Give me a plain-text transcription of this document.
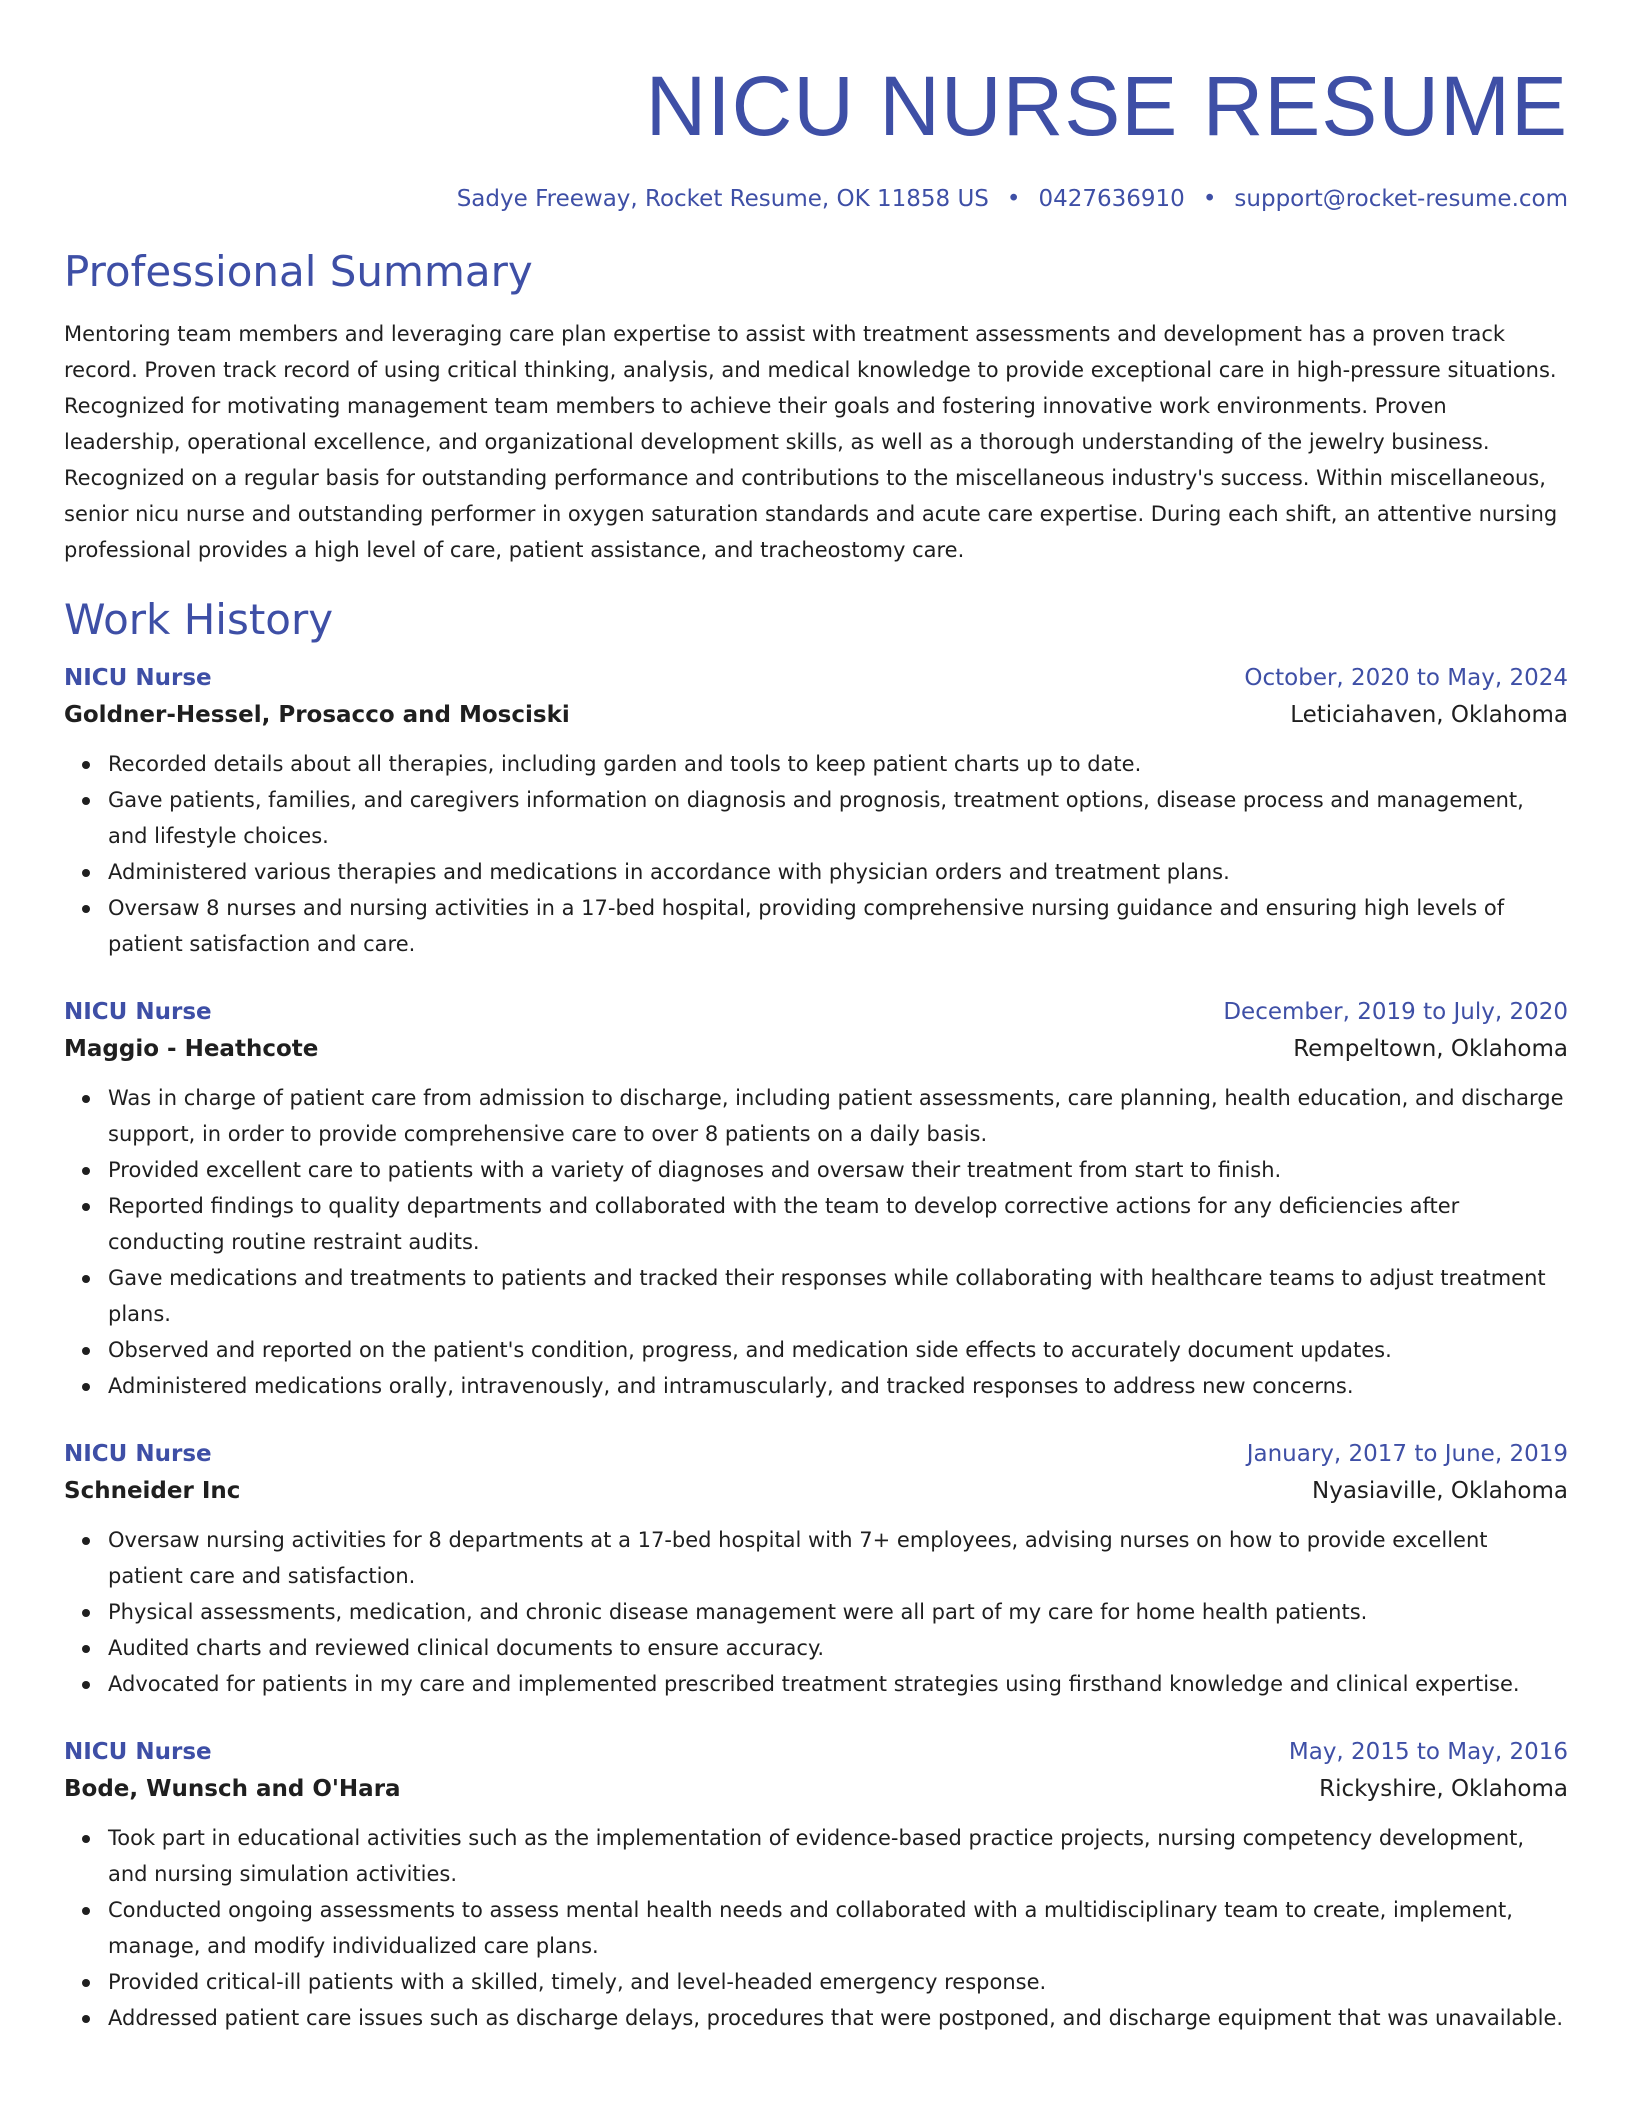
NICU NURSE RESUME
Sadye Freeway, Rocket Resume, OK 11858 US • 0427636910 • support@rocket-resume.com
Professional Summary

Mentoring team members and leveraging care plan expertise to assist with treatment assessments and development has a proven track record. Proven track record of using critical thinking, analysis, and medical knowledge to provide exceptional care in high-pressure situations. Recognized for motivating management team members to achieve their goals and fostering innovative work environments. Proven leadership, operational excellence, and organizational development skills, as well as a thorough understanding of the jewelry business. Recognized on a regular basis for outstanding performance and contributions to the miscellaneous industry's success. Within miscellaneous, senior nicu nurse and outstanding performer in oxygen saturation standards and acute care expertise. During each shift, an attentive nursing professional provides a high level of care, patient assistance, and tracheostomy care.

Work History
NICU Nurse	October, 2020 to May, 2024
Goldner-Hessel, Prosacco and Mosciski	Leticiahaven, Oklahoma
Recorded details about all therapies, including garden and tools to keep patient charts up to date.
Gave patients, families, and caregivers information on diagnosis and prognosis, treatment options, disease process and management, and lifestyle choices.
Administered various therapies and medications in accordance with physician orders and treatment plans.
Oversaw 8 nurses and nursing activities in a 17-bed hospital, providing comprehensive nursing guidance and ensuring high levels of patient satisfaction and care.
NICU Nurse	December, 2019 to July, 2020
Maggio - Heathcote	Rempeltown, Oklahoma
Was in charge of patient care from admission to discharge, including patient assessments, care planning, health education, and discharge support, in order to provide comprehensive care to over 8 patients on a daily basis.
Provided excellent care to patients with a variety of diagnoses and oversaw their treatment from start to finish.
Reported findings to quality departments and collaborated with the team to develop corrective actions for any deficiencies after conducting routine restraint audits.
Gave medications and treatments to patients and tracked their responses while collaborating with healthcare teams to adjust treatment plans.
Observed and reported on the patient's condition, progress, and medication side effects to accurately document updates.
Administered medications orally, intravenously, and intramuscularly, and tracked responses to address new concerns.
NICU Nurse	January, 2017 to June, 2019
Schneider Inc	Nyasiaville, Oklahoma
Oversaw nursing activities for 8 departments at a 17-bed hospital with 7+ employees, advising nurses on how to provide excellent patient care and satisfaction.
Physical assessments, medication, and chronic disease management were all part of my care for home health patients.
Audited charts and reviewed clinical documents to ensure accuracy.
Advocated for patients in my care and implemented prescribed treatment strategies using firsthand knowledge and clinical expertise.
NICU Nurse	May, 2015 to May, 2016
Bode, Wunsch and O'Hara	Rickyshire, Oklahoma
Took part in educational activities such as the implementation of evidence-based practice projects, nursing competency development, and nursing simulation activities.
Conducted ongoing assessments to assess mental health needs and collaborated with a multidisciplinary team to create, implement, manage, and modify individualized care plans.
Provided critical-ill patients with a skilled, timely, and level-headed emergency response.
Addressed patient care issues such as discharge delays, procedures that were postponed, and discharge equipment that was unavailable.
